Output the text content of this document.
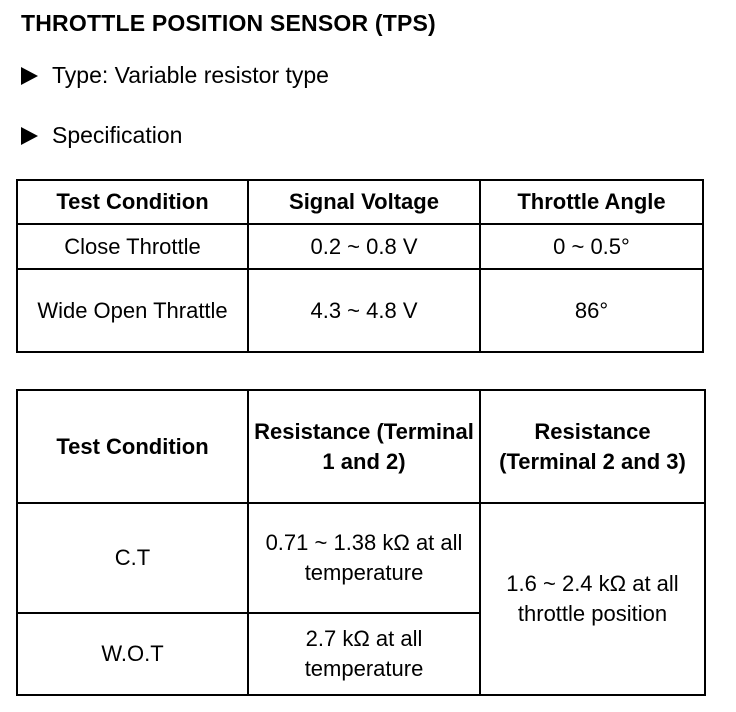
THROTTLE POSITION SENSOR (TPS)
Type: Variable resistor type
Specification
Test Condition	Signal Voltage	Throttle Angle
Close Throttle	0.2 ~ 0.8 V	0 ~ 0.5°
Wide Open Thrattle	4.3 ~ 4.8 V	86°
Test Condition	Resistance (Terminal 1 and 2)	Resistance (Terminal 2 and 3)
C.T	0.71 ~ 1.38 kΩ at all temperature	1.6 ~ 2.4 kΩ at all throttle position
W.O.T	2.7 kΩ at all temperature	
